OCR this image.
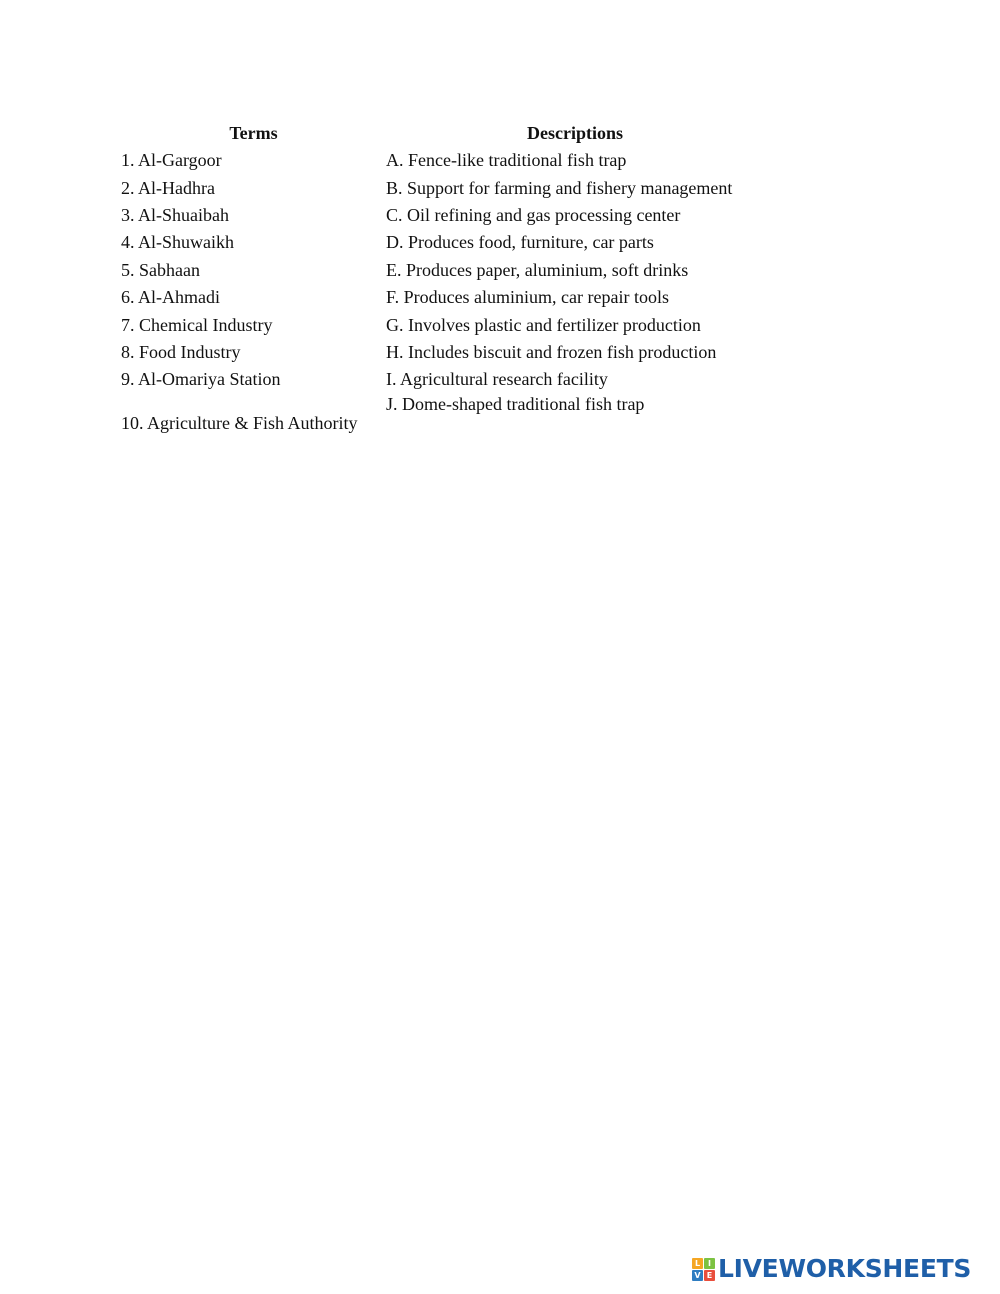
Terms	Descriptions
1. Al-Gargoor	A. Fence-like traditional fish trap
2. Al-Hadhra	B. Support for farming and fishery management
3. Al-Shuaibah	C. Oil refining and gas processing center
4. Al-Shuwaikh	D. Produces food, furniture, car parts
5. Sabhaan	E. Produces paper, aluminium, soft drinks
6. Al-Ahmadi	F. Produces aluminium, car repair tools
7. Chemical Industry	G. Involves plastic and fertilizer production
8. Food Industry	H. Includes biscuit and frozen fish production
9. Al-Omariya Station	I. Agricultural research facility
10. Agriculture & Fish Authority	J. Dome-shaped traditional fish trap
L I
V E LIVEWORKSHEETS
